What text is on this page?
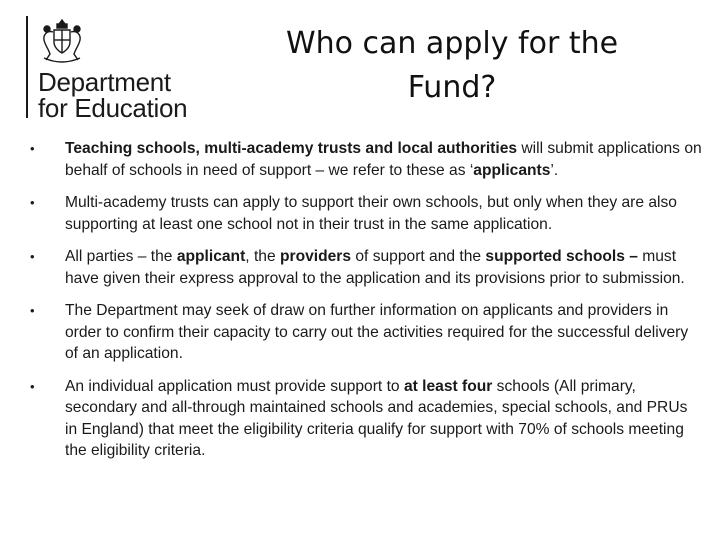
Department
for Education
Who can apply for the
Fund?
• Teaching schools, multi-academy trusts and local authorities will submit applications on behalf of schools in need of support – we refer to these as ‘applicants’.
• Multi-academy trusts can apply to support their own schools, but only when they are also supporting at least one school not in their trust in the same application.
• All parties – the applicant, the providers of support and the supported schools – must have given their express approval to the application and its provisions prior to submission.
• The Department may seek of draw on further information on applicants and providers in order to confirm their capacity to carry out the activities required for the successful delivery of an application.
• An individual application must provide support to at least four schools (All primary, secondary and all-through maintained schools and academies, special schools, and PRUs in England) that meet the eligibility criteria qualify for support with 70% of schools meeting the eligibility criteria.
